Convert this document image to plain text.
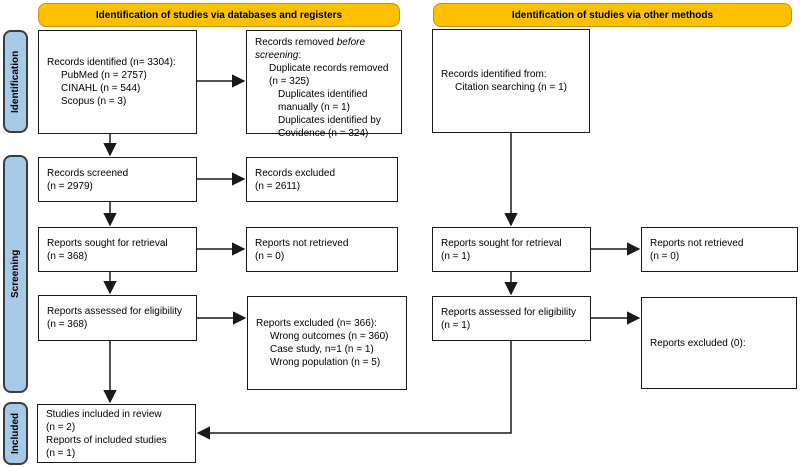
Identification of studies via databases and registers	Identification of studies via other methods
Identification
Screening
Included
Records identified (n= 3304):
PubMed (n = 2757)
CINAHL (n = 544)
Scopus (n = 3)
Records removed before
screening:
Duplicate records removed
(n = 325)
Duplicates identified
manually (n = 1)
Duplicates identified by
Covidence (n = 324)
Records screened
(n = 2979)
Records excluded
(n = 2611)
Reports sought for retrieval
(n = 368)
Reports not retrieved
(n = 0)
Reports assessed for eligibility
(n = 368)	Reports excluded (n= 366):
Wrong outcomes (n = 360)
Case study, n=1 (n = 1)
Wrong population (n = 5)
Studies included in review
(n = 2)
Reports of included studies
(n = 1)
Records identified from:
Citation searching (n = 1)
Reports sought for retrieval
(n = 1)
Reports not retrieved
(n = 0)
Reports assessed for eligibility
(n = 1)
Reports excluded (0):
